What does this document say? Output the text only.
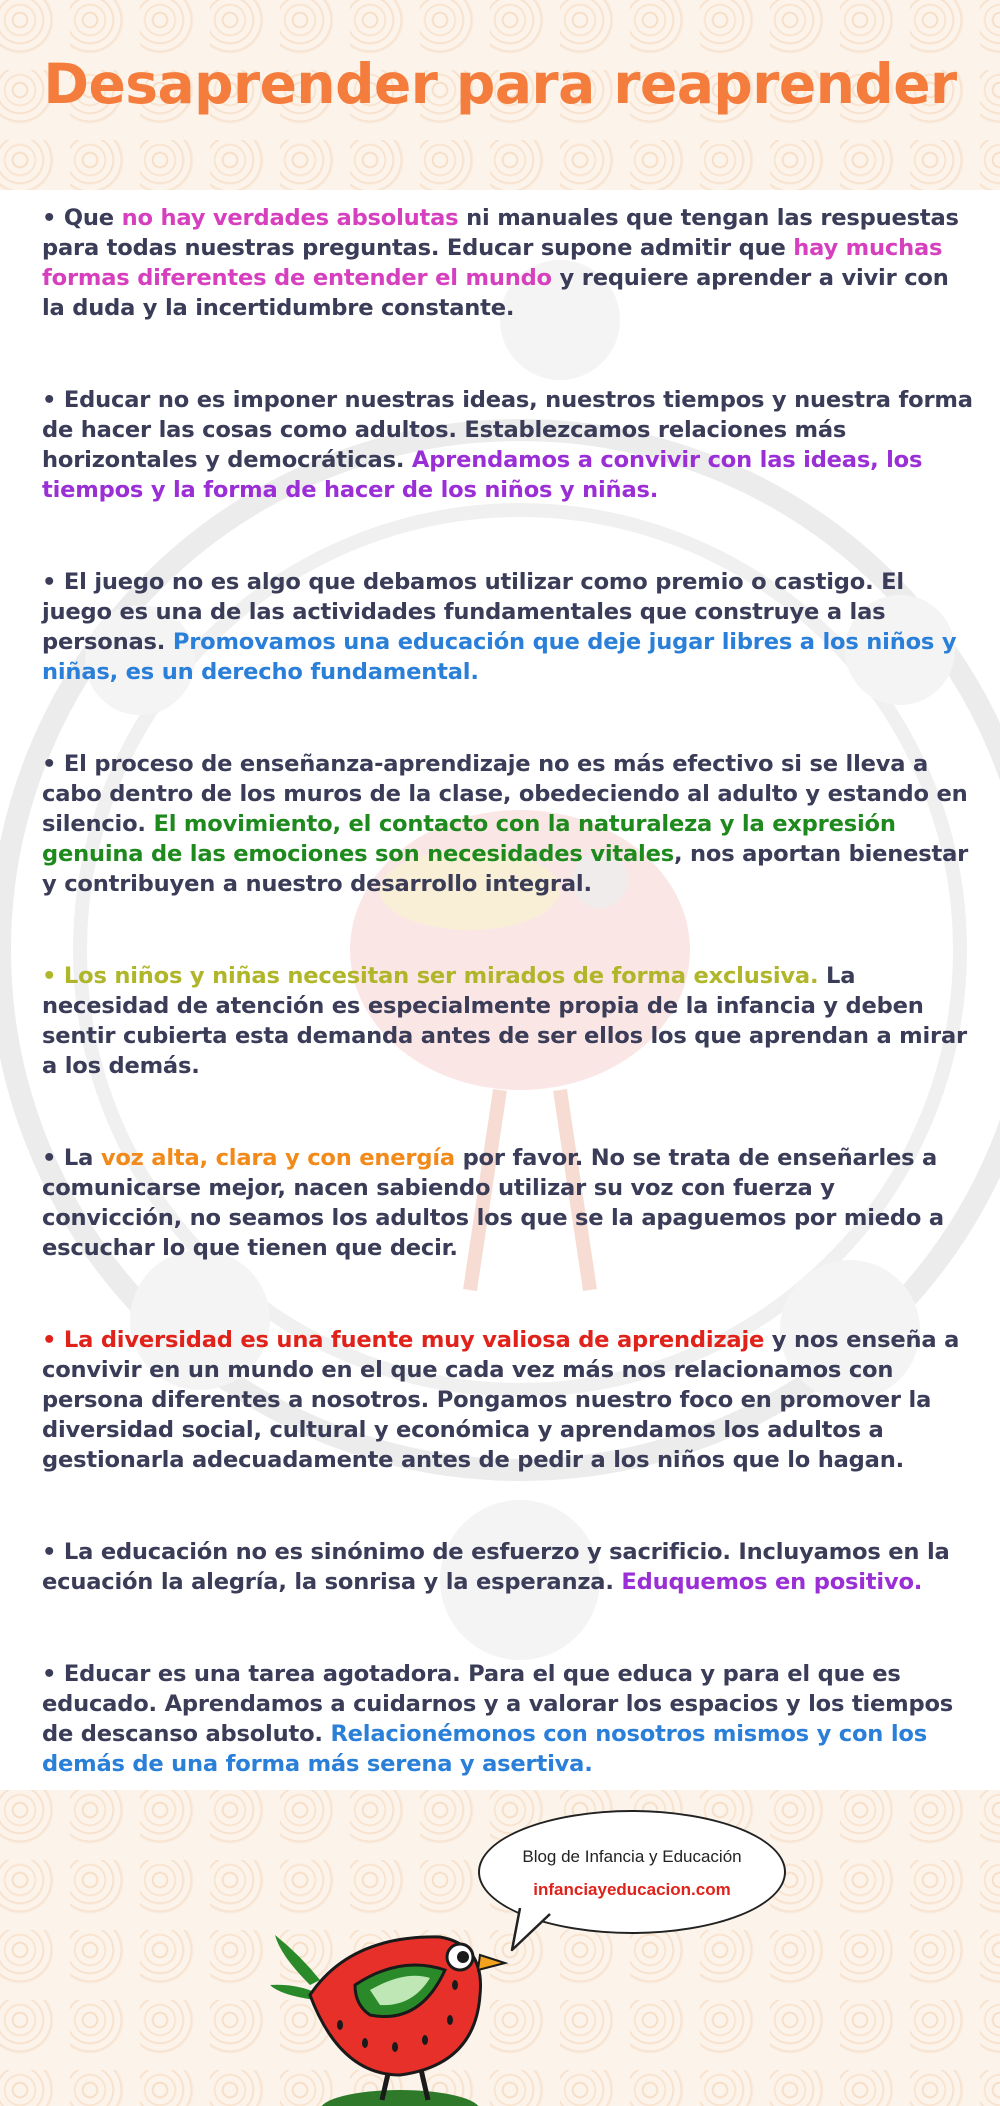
Desaprender para reaprender

• Que no hay verdades absolutas ni manuales que tengan las respuestas para todas nuestras preguntas. Educar supone admitir que hay muchas formas diferentes de entender el mundo y requiere aprender a vivir con la duda y la incertidumbre constante.

• Educar no es imponer nuestras ideas, nuestros tiempos y nuestra forma de hacer las cosas como adultos. Establezcamos relaciones más horizontales y democráticas. Aprendamos a convivir con las ideas, los tiempos y la forma de hacer de los niños y niñas.

• El juego no es algo que debamos utilizar como premio o castigo. El juego es una de las actividades fundamentales que construye a las personas. Promovamos una educación que deje jugar libres a los niños y niñas, es un derecho fundamental.

• El proceso de enseñanza-aprendizaje no es más efectivo si se lleva a cabo dentro de los muros de la clase, obedeciendo al adulto y estando en silencio. El movimiento, el contacto con la naturaleza y la expresión genuina de las emociones son necesidades vitales, nos aportan bienestar y contribuyen a nuestro desarrollo integral.

• Los niños y niñas necesitan ser mirados de forma exclusiva. La necesidad de atención es especialmente propia de la infancia y deben sentir cubierta esta demanda antes de ser ellos los que aprendan a mirar a los demás.

• La voz alta, clara y con energía por favor. No se trata de enseñarles a comunicarse mejor, nacen sabiendo utilizar su voz con fuerza y convicción, no seamos los adultos los que se la apaguemos por miedo a escuchar lo que tienen que decir.

• La diversidad es una fuente muy valiosa de aprendizaje y nos enseña a convivir en un mundo en el que cada vez más nos relacionamos con persona diferentes a nosotros. Pongamos nuestro foco en promover la diversidad social, cultural y económica y aprendamos los adultos a gestionarla adecuadamente antes de pedir a los niños que lo hagan.

• La educación no es sinónimo de esfuerzo y sacrificio. Incluyamos en la ecuación la alegría, la sonrisa y la esperanza. Eduquemos en positivo.

• Educar es una tarea agotadora. Para el que educa y para el que es educado. Aprendamos a cuidarnos y a valorar los espacios y los tiempos de descanso absoluto. Relacionémonos con nosotros mismos y con los demás de una forma más serena y asertiva.

Blog de Infancia y Educación
infanciayeducacion.com
